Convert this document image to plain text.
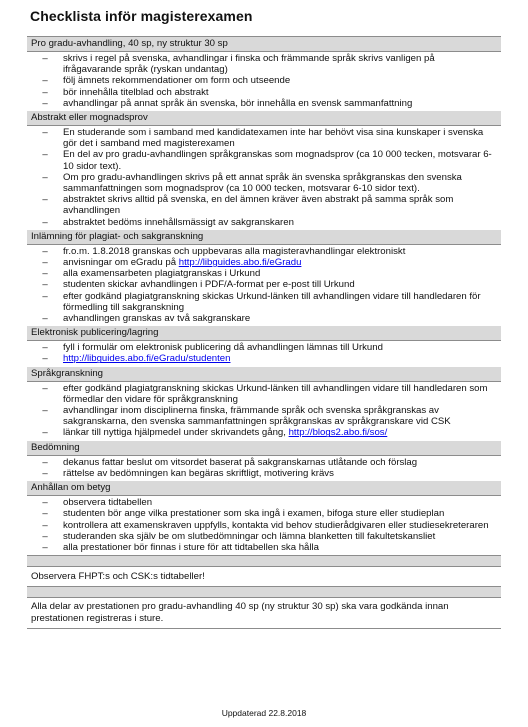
Checklista inför magisterexamen
Pro gradu-avhandling, 40 sp, ny struktur 30 sp
–	skrivs i regel på svenska, avhandlingar i finska och främmande språk skrivs vanligen på ifrågavarande språk (ryskan undantag)
–	följ ämnets rekommendationer om form och utseende
–	bör innehålla titelblad och abstrakt
–	avhandlingar på annat språk än svenska, bör innehålla en svensk sammanfattning
Abstrakt eller mognadsprov
–	En studerande som i samband med kandidatexamen inte har behövt visa sina kunskaper i svenska gör det i samband med magisterexamen
–	En del av pro gradu-avhandlingen språkgranskas som mognadsprov (ca 10 000 tecken, motsvarar 6-10 sidor text).
–	Om pro gradu-avhandlingen skrivs på ett annat språk än svenska språkgranskas den svenska sammanfattningen som mognadsprov (ca 10 000 tecken, motsvarar 6-10 sidor text).
–	abstraktet skrivs alltid på svenska, en del ämnen kräver även abstrakt på samma språk som avhandlingen
–	abstraktet bedöms innehållsmässigt av sakgranskaren
Inlämning för plagiat- och sakgranskning
–	fr.o.m. 1.8.2018 granskas och uppbevaras alla magisteravhandlingar elektroniskt
–	anvisningar om eGradu på http://libguides.abo.fi/eGradu
–	alla examensarbeten plagiatgranskas i Urkund
–	studenten skickar avhandlingen i PDF/A-format per e-post till Urkund
–	efter godkänd plagiatgranskning skickas Urkund-länken till avhandlingen vidare till handledaren för förmedling till sakgranskning
–	avhandlingen granskas av två sakgranskare
Elektronisk publicering/lagring
–	fyll i formulär om elektronisk publicering då avhandlingen lämnas till Urkund
–	http://libguides.abo.fi/eGradu/studenten
Språkgranskning
–	efter godkänd plagiatgranskning skickas Urkund-länken till avhandlingen vidare till handledaren som förmedlar den vidare för språkgranskning
–	avhandlingar inom disciplinerna finska, främmande språk och svenska språkgranskas av sakgranskarna, den svenska sammanfattningen språkgranskas av språkgranskare vid CSK
–	länkar till nyttiga hjälpmedel under skrivandets gång, http://blogs2.abo.fi/sos/
Bedömning
–	dekanus fattar beslut om vitsordet baserat på sakgranskarnas utlåtande och förslag
–	rättelse av bedömningen kan begäras skriftligt, motivering krävs
Anhållan om betyg
–	observera tidtabellen
–	studenten bör ange vilka prestationer som ska ingå i examen, bifoga sture eller studieplan
–	kontrollera att examenskraven uppfylls, kontakta vid behov studierådgivaren eller studiesekreteraren
–	studeranden ska själv be om slutbedömningar och lämna blanketten till fakultetskansliet
–	alla prestationer bör finnas i sture för att tidtabellen ska hålla
Observera FHPT:s och CSK:s tidtabeller!
Alla delar av prestationen pro gradu-avhandling 40 sp (ny struktur 30 sp) ska vara godkända innan prestationen registreras i sture.
Uppdaterad 22.8.2018
